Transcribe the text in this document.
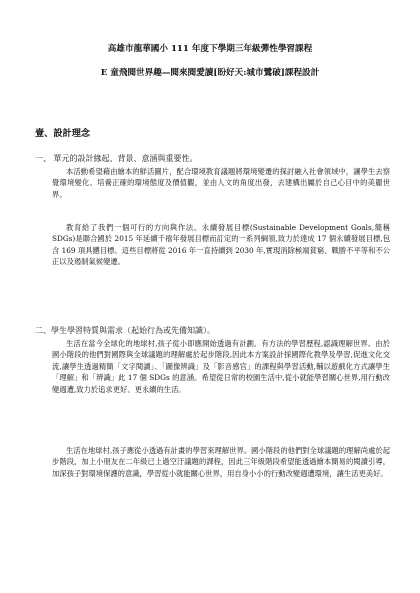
高雄市龍華國小 111 年度下學期三年級彈性學習課程
E 童飛閱世界趣—閱來閱愛讀[盼好天:城市鷺破]課程設計
壹、設計理念
一、 單元的設計緣起、背景、意涵與重要性。

本活動希望藉由繪本的鮮活圖片，配合環境教育議題將環境變遷的探討融入社會領域中，讓學生去察覺環境變化、培養正確的環境態度及價值觀，並由人文的角度出發，去建構出屬於自己心目中的美麗世界。

教育給了我們一個可行的方向與作法。永續發展目標(Sustainable Development Goals,簡稱 SDGs)是聯合國於 2015 年延續千禧年發展目標而訂定的一系列綱領,致力於達成 17 個永續發展目標,包含 169 項具體目標。這些目標將從 2016 年一直持續到 2030 年,實現消除極端貧窮、戰勝不平等和不公正以及遏制氣候變遷。

二、學生學習特質與需求（起始行為或先備知識）。

生活在當今全球化的地球村,孩子從小即應開始透過有計劃、有方法的學習歷程,認識理解世界。由於國小階段的他們對國際與全球議題的理解處於起步階段,因此本方案設計採國際化教學及學習,促進文化交流,讓學生透過精簡「文字閱讀」、「圖像辨識」及「影音感官」的課程與學習活動,輔以遊戲化方式讓學生「理解」和「辨識」此 17 個 SDGs 的意涵。希望從日常的校園生活中,從小就能學習關心世界,用行動改變週遭,致力於追求更好、更永續的生活。

生活在地球村,孩子應從小透過有計畫的學習來理解世界。國小階段的他們對全球議題的理解尚處於起步階段，加上小朋友在二年級已上過空汙議題的課程，因此三年級階段希望能透過繪本簡易的閱讀引導，加深孩子對環境保護的意識，學習從小就能關心世界，用自身小小的行動改變週遭環境，讓生活更美好。
